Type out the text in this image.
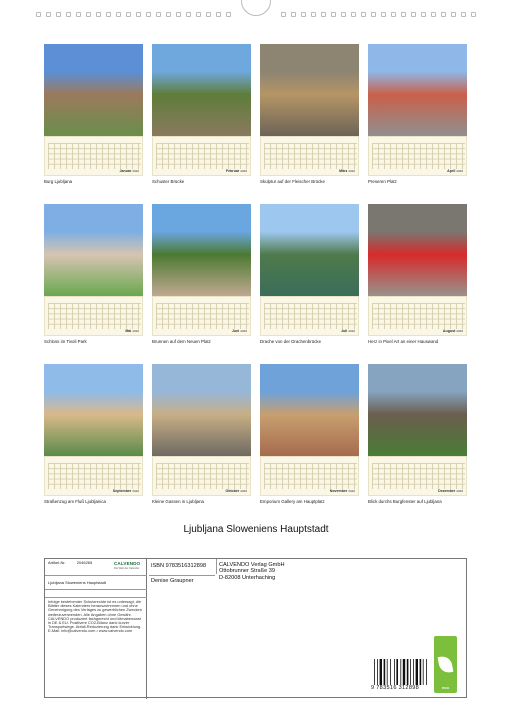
Januar2026
Burg Ljubljana
Februar2026
Schuster Brücke
März2026
Skulptur auf der Fleischer Brücke
April2026
Preseren Platz
Mai2026
Schloss im Tivoli Park
Juni2026
Brunnen auf dem Neuen Platz
Juli2026
Drache von der Drachenbrücke
August2026
Herz in Pixel Art an einer Hauswand
September2026
Straßenzug am Fluß Ljubljanica
Oktober2026
Kleine Gassen in Ljubljana
November2026
Emporium Gallery am Hauptplatz
Dezember2026
Blick durchs Burgfenster auf Ljubljana
Ljubljana Sloweniens Hauptstadt
Artikel-Nr.	2046265	CALVENDO
Die Welt der Kalender
Ljubljana Sloweniens Hauptstadt
Infolge bestehender Schutzrechte ist es untersagt, die Blätter dieses Kalenders herauszutrennen und ohne Genehmigung des Verlages zu gewerblichen Zwecken weiterzuverwenden. Alle Angaben ohne Gewähr. CALVENDO produziert fachgerecht und klimabewusst in DE & EU. Positivere CO2-Bilanz dank kurzer Transportwege. Abfall-Reduzierung dank Entwicklung. E-Mail: info@calvendo.com • www.calvendo.com
ISBN 9783516312898
Denise Graupner
CALVENDO Verlag GmbH
Ottobrunner Straße 39
D-82008 Unterhaching
9 783516 312898	eco
